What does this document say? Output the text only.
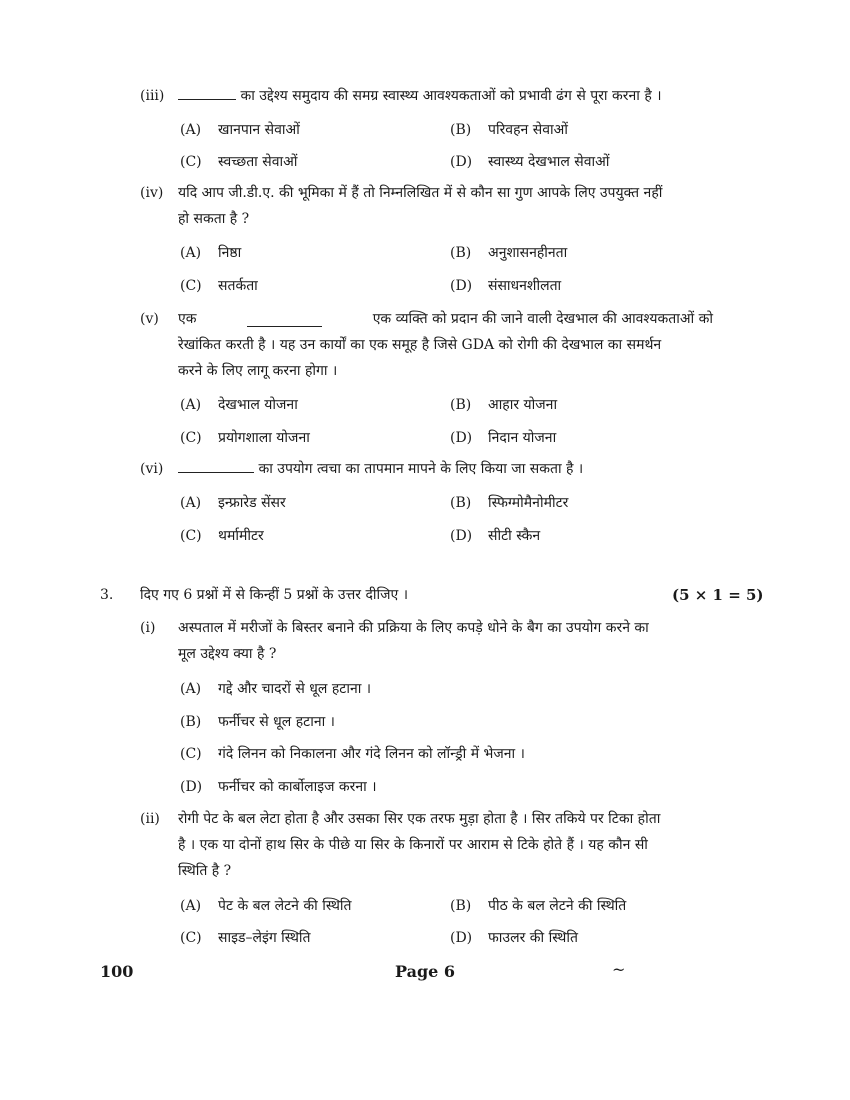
(iii)	का उद्देश्य समुदाय की समग्र स्वास्थ्य आवश्यकताओं को प्रभावी ढंग से पूरा करना है ।
(A) खानपान सेवाओं	(B) परिवहन सेवाओं
(C) स्वच्छता सेवाओं	(D) स्वास्थ्य देखभाल सेवाओं
(iv) यदि आप जी.डी.ए. की भूमिका में हैं तो निम्नलिखित में से कौन सा गुण आपके लिए उपयुक्त नहीं
हो सकता है ?
(A) निष्ठा	(B) अनुशासनहीनता
(C) सतर्कता	(D) संसाधनशीलता
(v) एक	एक व्यक्ति को प्रदान की जाने वाली देखभाल की आवश्यकताओं को
रेखांकित करती है । यह उन कार्यों का एक समूह है जिसे GDA को रोगी की देखभाल का समर्थन
करने के लिए लागू करना होगा ।
(A) देखभाल योजना	(B) आहार योजना
(C) प्रयोगशाला योजना	(D) निदान योजना
(vi)	का उपयोग त्वचा का तापमान मापने के लिए किया जा सकता है ।
(A) इन्फ्रारेड सेंसर	(B) स्फिग्मोमैनोमीटर
(C) थर्मामीटर	(D) सीटी स्कैन
3. दिए गए 6 प्रश्नों में से किन्हीं 5 प्रश्नों के उत्तर दीजिए ।	(5 × 1 = 5)
(i) अस्पताल में मरीजों के बिस्तर बनाने की प्रक्रिया के लिए कपड़े धोने के बैग का उपयोग करने का
मूल उद्देश्य क्या है ?
(A) गद्दे और चादरों से धूल हटाना ।
(B) फर्नीचर से धूल हटाना ।
(C) गंदे लिनन को निकालना और गंदे लिनन को लॉन्ड्री में भेजना ।
(D) फर्नीचर को कार्बोलाइज करना ।
(ii) रोगी पेट के बल लेटा होता है और उसका सिर एक तरफ मुड़ा होता है । सिर तकिये पर टिका होता
है । एक या दोनों हाथ सिर के पीछे या सिर के किनारों पर आराम से टिके होते हैं । यह कौन सी
स्थिति है ?
(A) पेट के बल लेटने की स्थिति	(B) पीठ के बल लेटने की स्थिति
(C) साइड–लेइंग स्थिति	(D) फाउलर की स्थिति
100	Page 6	~
